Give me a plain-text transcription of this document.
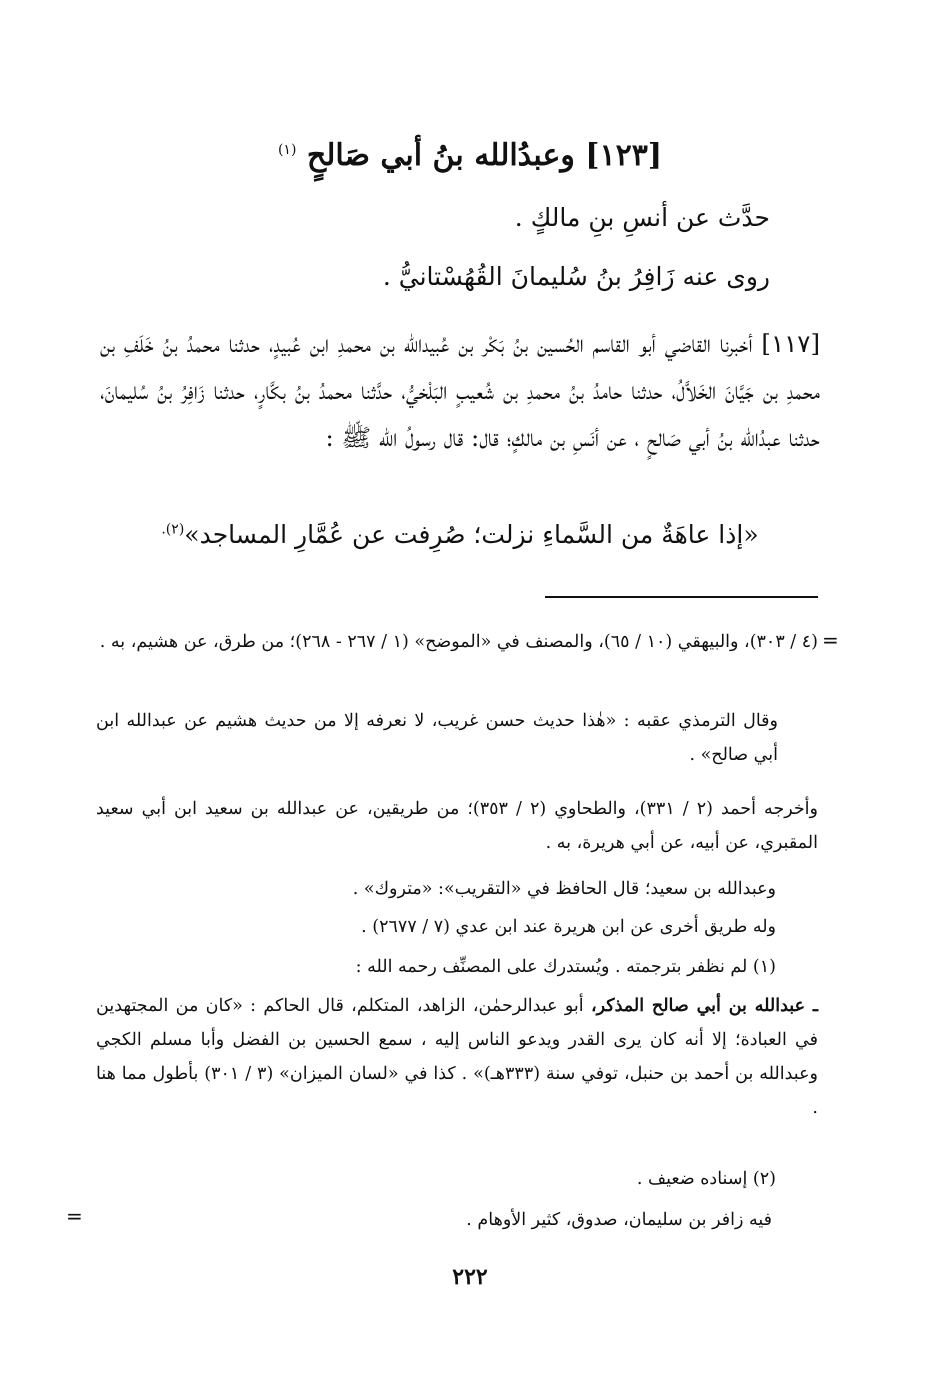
[١٢٣] وعبدُالله بنُ أبي صَالحٍ $^{(١)}$
حدَّث عن أنسِ بنِ مالكٍ .
روى عنه زَافِرُ بنُ سُليمانَ القُهُسْتانيُّ .
[١١٧] أخبرنا القاضي أبو القاسم الحُسين بنُ بَكْر بن عُبيدالله بن محمدِ ابن عُبيدٍ، حدثنا محمدُ بنُ خَلَفِ بن محمدِ بن جَيَّانَ الخَلاَّلُ، حدثنا حامدُ بنُ محمدِ بن شُعيبٍ البَلْخيُّ، حدَّثنا محمدُ بنُ بكَّارٍ، حدثنا زَافِرُ بنُ سُليمانَ، حدثنا عبدُالله بنُ أبي صَالحٍ ، عن أنَسِ بن مالكٍ؛ قال: قال رسولُ الله ﷺ :
«إذا عاهَةٌ من السَّماءِ نزلت؛ صُرِفت عن عُمَّارِ المساجد»$^{(٢).}$
=
(٤ / ٣٠٣)، والبيهقي (١٠ / ٦٥)، والمصنف في «الموضح» (١ / ٢٦٧ - ٢٦٨)؛ من طرق، عن هشيم، به .
وقال الترمذي عقبه : «هٰذا حديث حسن غريب، لا نعرفه إلا من حديث هشيم عن عبدالله ابن أبي صالح» .
وأخرجه أحمد (٢ / ٣٣١)، والطحاوي (٢ / ٣٥٣)؛ من طريقين، عن عبدالله بن سعيد ابن أبي سعيد المقبري، عن أبيه، عن أبي هريرة، به .
وعبدالله بن سعيد؛ قال الحافظ في «التقريب»: «متروك» .
وله طريق أخرى عن ابن هريرة عند ابن عدي (٧ / ٢٦٧٧) .
(١) لم نظفر بترجمته . ويُستدرك على المصنِّف رحمه الله :
ـ عبدالله بن أبي صالح المذكر، أبو عبدالرحمٰن، الزاهد، المتكلم، قال الحاكم : «كان من المجتهدين في العبادة؛ إلا أنه كان يرى القدر ويدعو الناس إليه ، سمع الحسين بن الفضل وأبا مسلم الكجي وعبدالله بن أحمد بن حنبل، توفي سنة (٣٣٣هـ)» . كذا في «لسان الميزان» (٣ / ٣٠١) بأطول مما هنا .
(٢) إسناده ضعيف .
فيه زافر بن سليمان، صدوق، كثير الأوهام .
=
٢٢٢
